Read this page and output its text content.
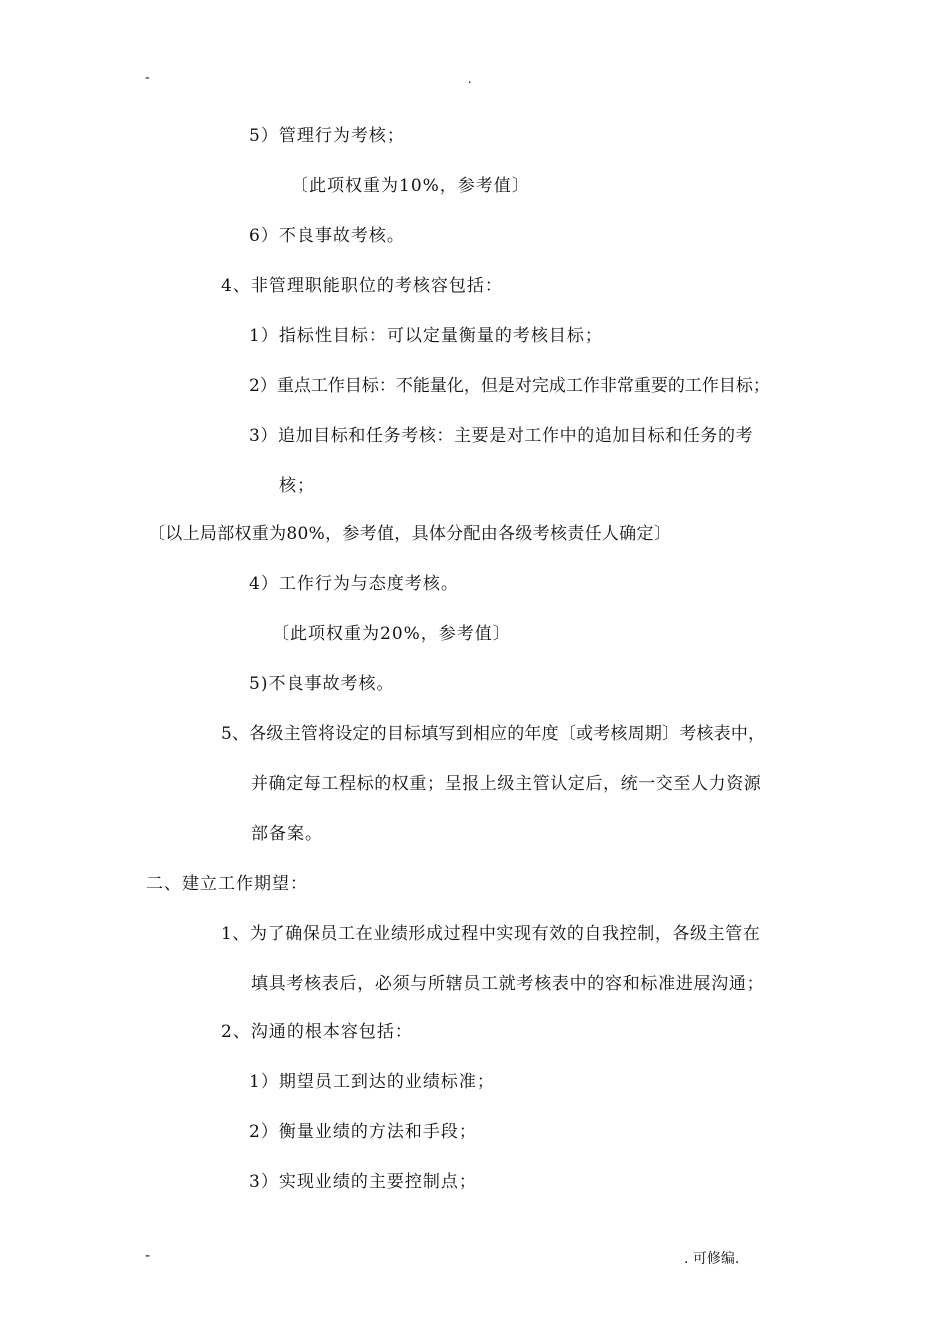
-	.
5）管理行为考核；
〔此项权重为10%，参考值〕
6）不良事故考核。
4、非管理职能职位的考核容包括：
1）指标性目标：可以定量衡量的考核目标；
2）重点工作目标：不能量化，但是对完成工作非常重要的工作目标；
3）追加目标和任务考核：主要是对工作中的追加目标和任务的考
核；
〔以上局部权重为80%，参考值，具体分配由各级考核责任人确定〕
4）工作行为与态度考核。
〔此项权重为20%，参考值〕
5)不良事故考核。
5、各级主管将设定的目标填写到相应的年度〔或考核周期〕考核表中，
并确定每工程标的权重；呈报上级主管认定后，统一交至人力资源
部备案。
二、建立工作期望：
1、为了确保员工在业绩形成过程中实现有效的自我控制，各级主管在
填具考核表后，必须与所辖员工就考核表中的容和标准进展沟通；
2、沟通的根本容包括：
1）期望员工到达的业绩标准；
2）衡量业绩的方法和手段；
3）实现业绩的主要控制点；
-	. 可修编.
